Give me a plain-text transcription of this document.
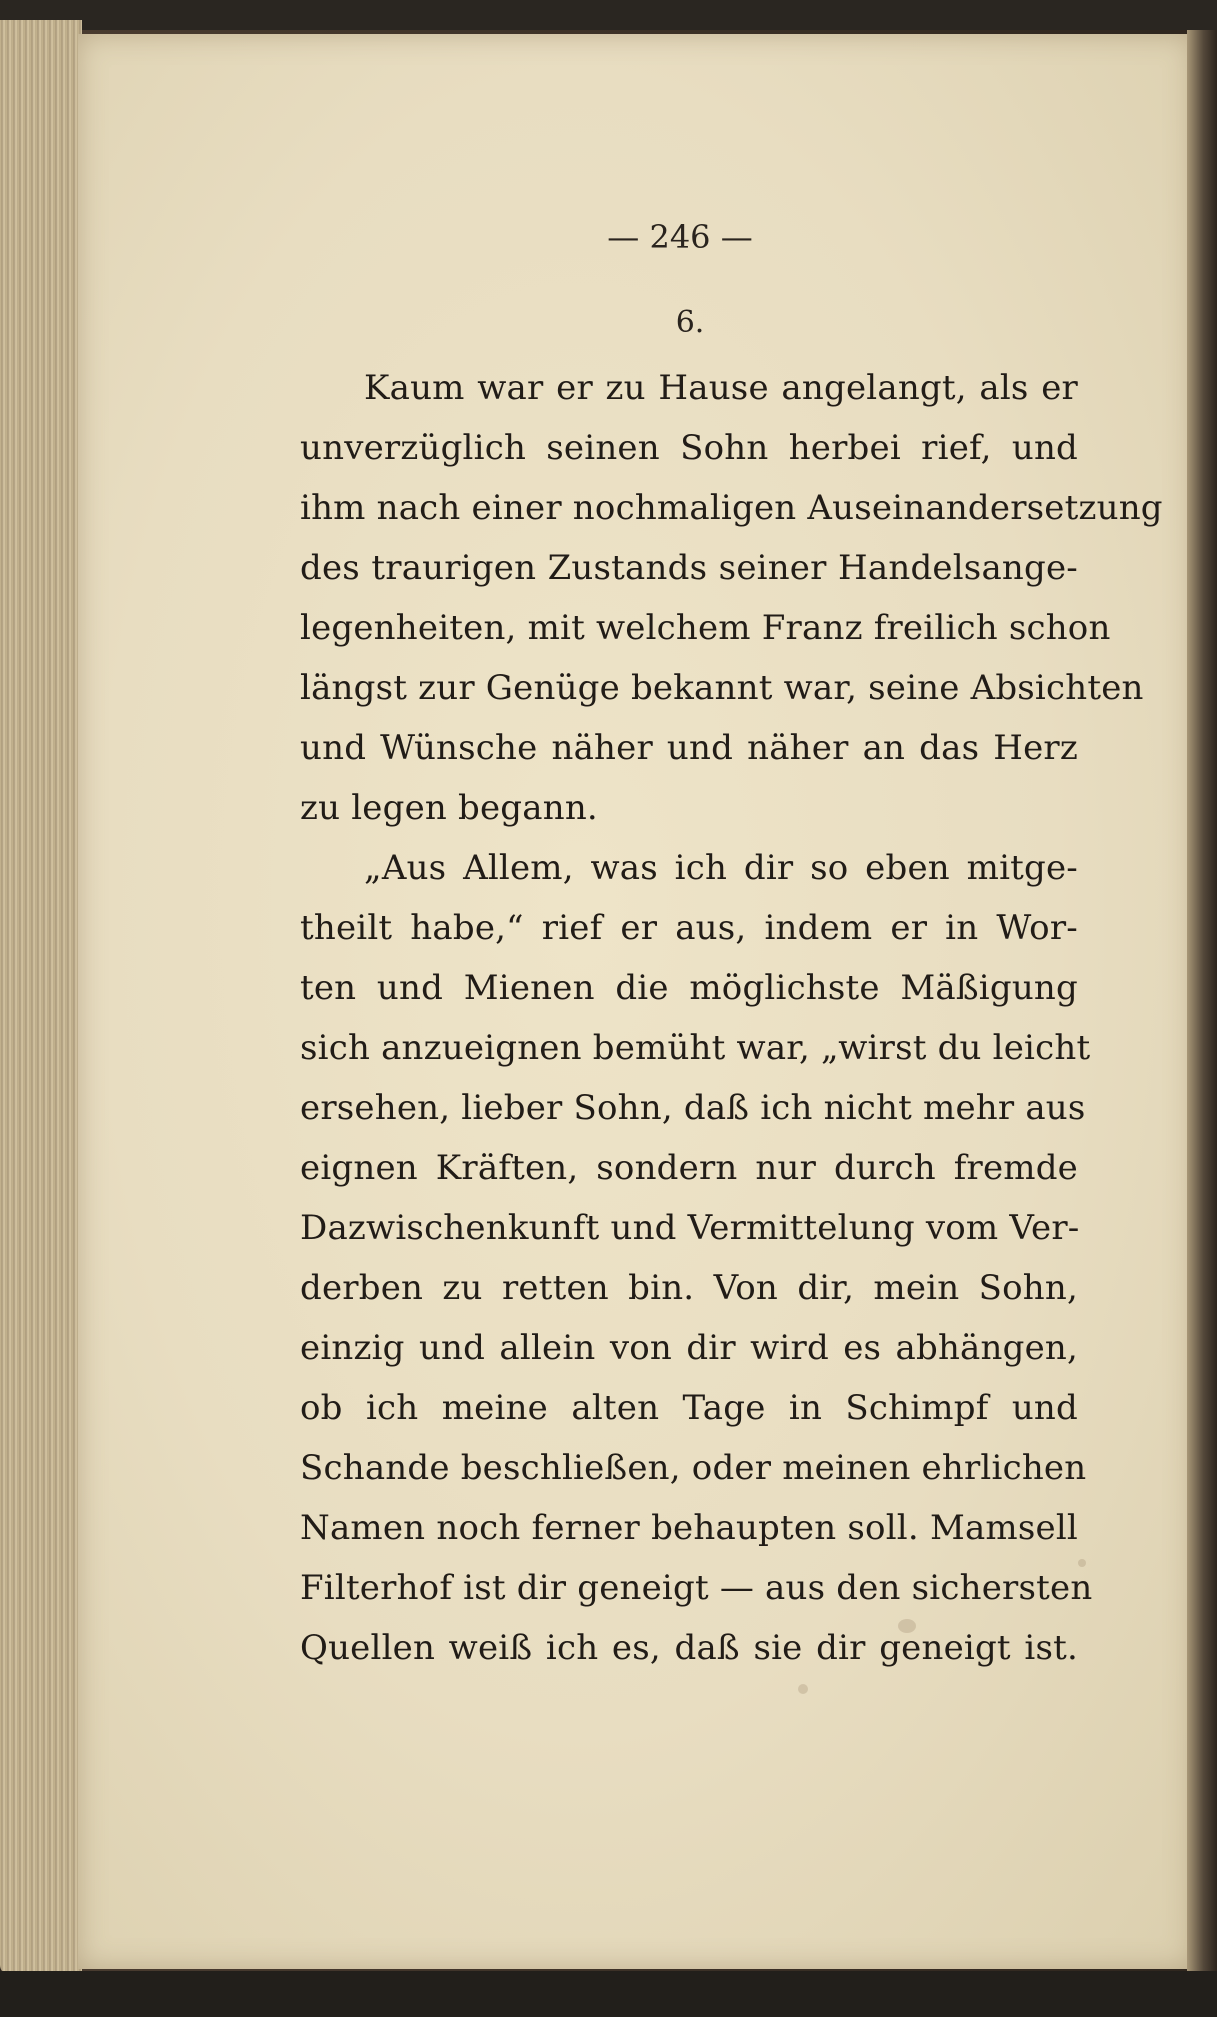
— 246 —
6.
Kaum war er zu Hause angelangt, als er
unverzüglich seinen Sohn herbei rief, und
ihm nach einer nochmaligen Auseinandersetzung
des traurigen Zustands seiner Handelsange-
legenheiten, mit welchem Franz freilich schon
längst zur Genüge bekannt war, seine Absichten
und Wünsche näher und näher an das Herz
zu legen begann.
„Aus Allem, was ich dir so eben mitge-
theilt habe,“ rief er aus, indem er in Wor-
ten und Mienen die möglichste Mäßigung
sich anzueignen bemüht war, „wirst du leicht
ersehen, lieber Sohn, daß ich nicht mehr aus
eignen Kräften, sondern nur durch fremde
Dazwischenkunft und Vermittelung vom Ver-
derben zu retten bin. Von dir, mein Sohn,
einzig und allein von dir wird es abhängen,
ob ich meine alten Tage in Schimpf und
Schande beschließen, oder meinen ehrlichen
Namen noch ferner behaupten soll. Mamsell
Filterhof ist dir geneigt — aus den sichersten
Quellen weiß ich es, daß sie dir geneigt ist.
